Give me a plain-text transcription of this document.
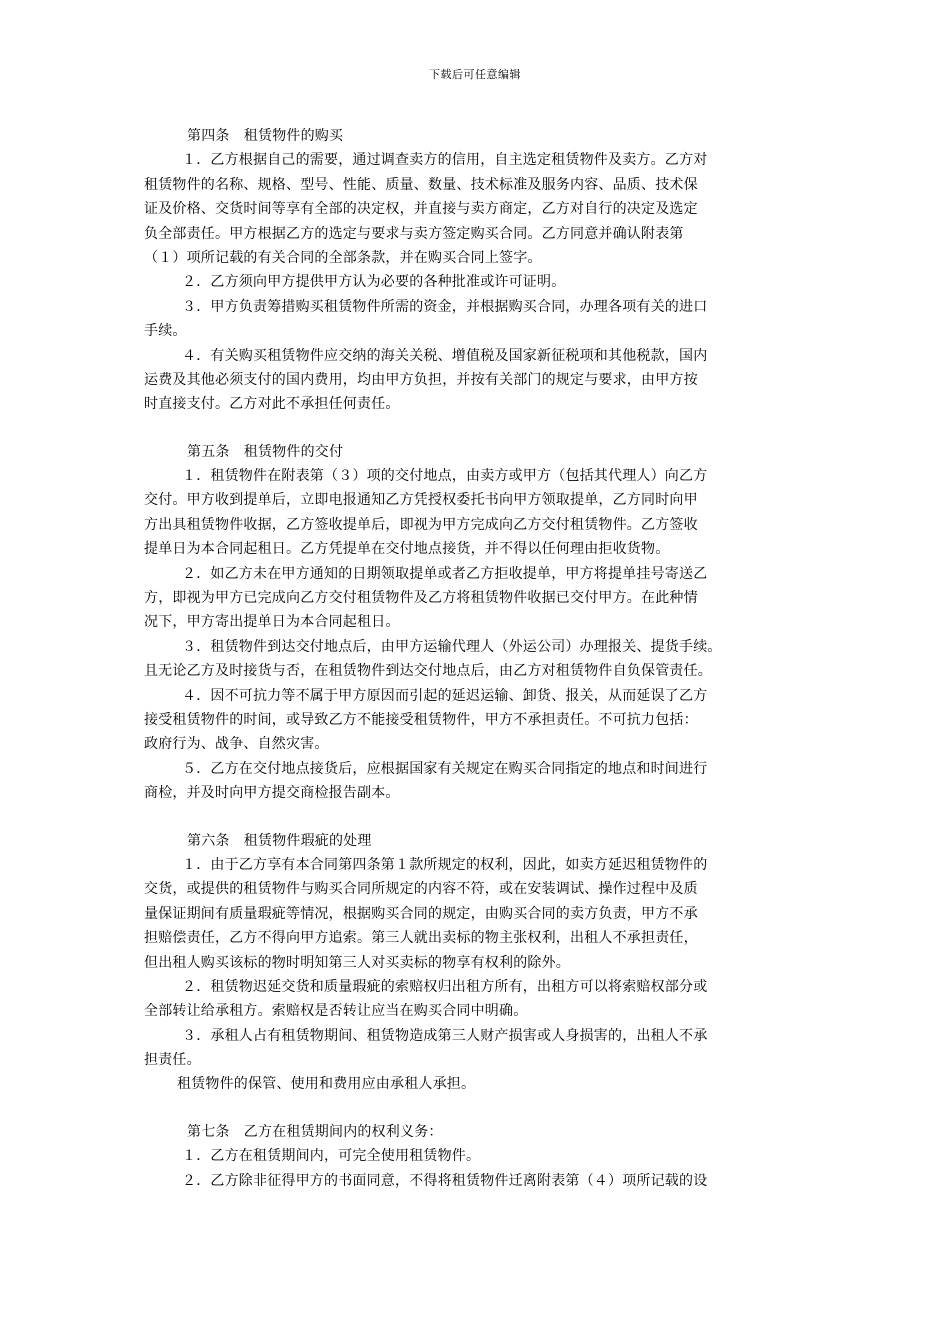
下载后可任意编辑
第四条　租赁物件的购买
１．乙方根据自己的需要，通过调查卖方的信用，自主选定租赁物件及卖方。乙方对
租赁物件的名称、规格、型号、性能、质量、数量、技术标准及服务内容、品质、技术保
证及价格、交货时间等享有全部的决定权，并直接与卖方商定，乙方对自行的决定及选定
负全部责任。甲方根据乙方的选定与要求与卖方签定购买合同。乙方同意并确认附表第
（１）项所记载的有关合同的全部条款，并在购买合同上签字。
２．乙方须向甲方提供甲方认为必要的各种批准或许可证明。
３．甲方负责筹措购买租赁物件所需的资金，并根据购买合同，办理各项有关的进口
手续。
４．有关购买租赁物件应交纳的海关关税、增值税及国家新征税项和其他税款，国内
运费及其他必须支付的国内费用，均由甲方负担，并按有关部门的规定与要求，由甲方按
时直接支付。乙方对此不承担任何责任。
第五条　租赁物件的交付
１．租赁物件在附表第（３）项的交付地点，由卖方或甲方（包括其代理人）向乙方
交付。甲方收到提单后，立即电报通知乙方凭授权委托书向甲方领取提单，乙方同时向甲
方出具租赁物件收据，乙方签收提单后，即视为甲方完成向乙方交付租赁物件。乙方签收
提单日为本合同起租日。乙方凭提单在交付地点接货，并不得以任何理由拒收货物。
２．如乙方未在甲方通知的日期领取提单或者乙方拒收提单，甲方将提单挂号寄送乙
方，即视为甲方已完成向乙方交付租赁物件及乙方将租赁物件收据已交付甲方。在此种情
况下，甲方寄出提单日为本合同起租日。
３．租赁物件到达交付地点后，由甲方运输代理人（外运公司）办理报关、提货手续。
且无论乙方及时接货与否，在租赁物件到达交付地点后，由乙方对租赁物件自负保管责任。
４．因不可抗力等不属于甲方原因而引起的延迟运输、卸货、报关，从而延误了乙方
接受租赁物件的时间，或导致乙方不能接受租赁物件，甲方不承担责任。不可抗力包括：
政府行为、战争、自然灾害。
５．乙方在交付地点接货后，应根据国家有关规定在购买合同指定的地点和时间进行
商检，并及时向甲方提交商检报告副本。
第六条　租赁物件瑕疵的处理
１．由于乙方享有本合同第四条第１款所规定的权利，因此，如卖方延迟租赁物件的
交货，或提供的租赁物件与购买合同所规定的内容不符，或在安装调试、操作过程中及质
量保证期间有质量瑕疵等情况，根据购买合同的规定，由购买合同的卖方负责，甲方不承
担赔偿责任，乙方不得向甲方追索。第三人就出卖标的物主张权利，出租人不承担责任，
但出租人购买该标的物时明知第三人对买卖标的物享有权利的除外。
２．租赁物迟延交货和质量瑕疵的索赔权归出租方所有，出租方可以将索赔权部分或
全部转让给承租方。索赔权是否转让应当在购买合同中明确。
３．承租人占有租赁物期间、租赁物造成第三人财产损害或人身损害的，出租人不承
担责任。
租赁物件的保管、使用和费用应由承租人承担。
第七条　乙方在租赁期间内的权利义务：
１．乙方在租赁期间内，可完全使用租赁物件。
２．乙方除非征得甲方的书面同意，不得将租赁物件迁离附表第（４）项所记载的设
